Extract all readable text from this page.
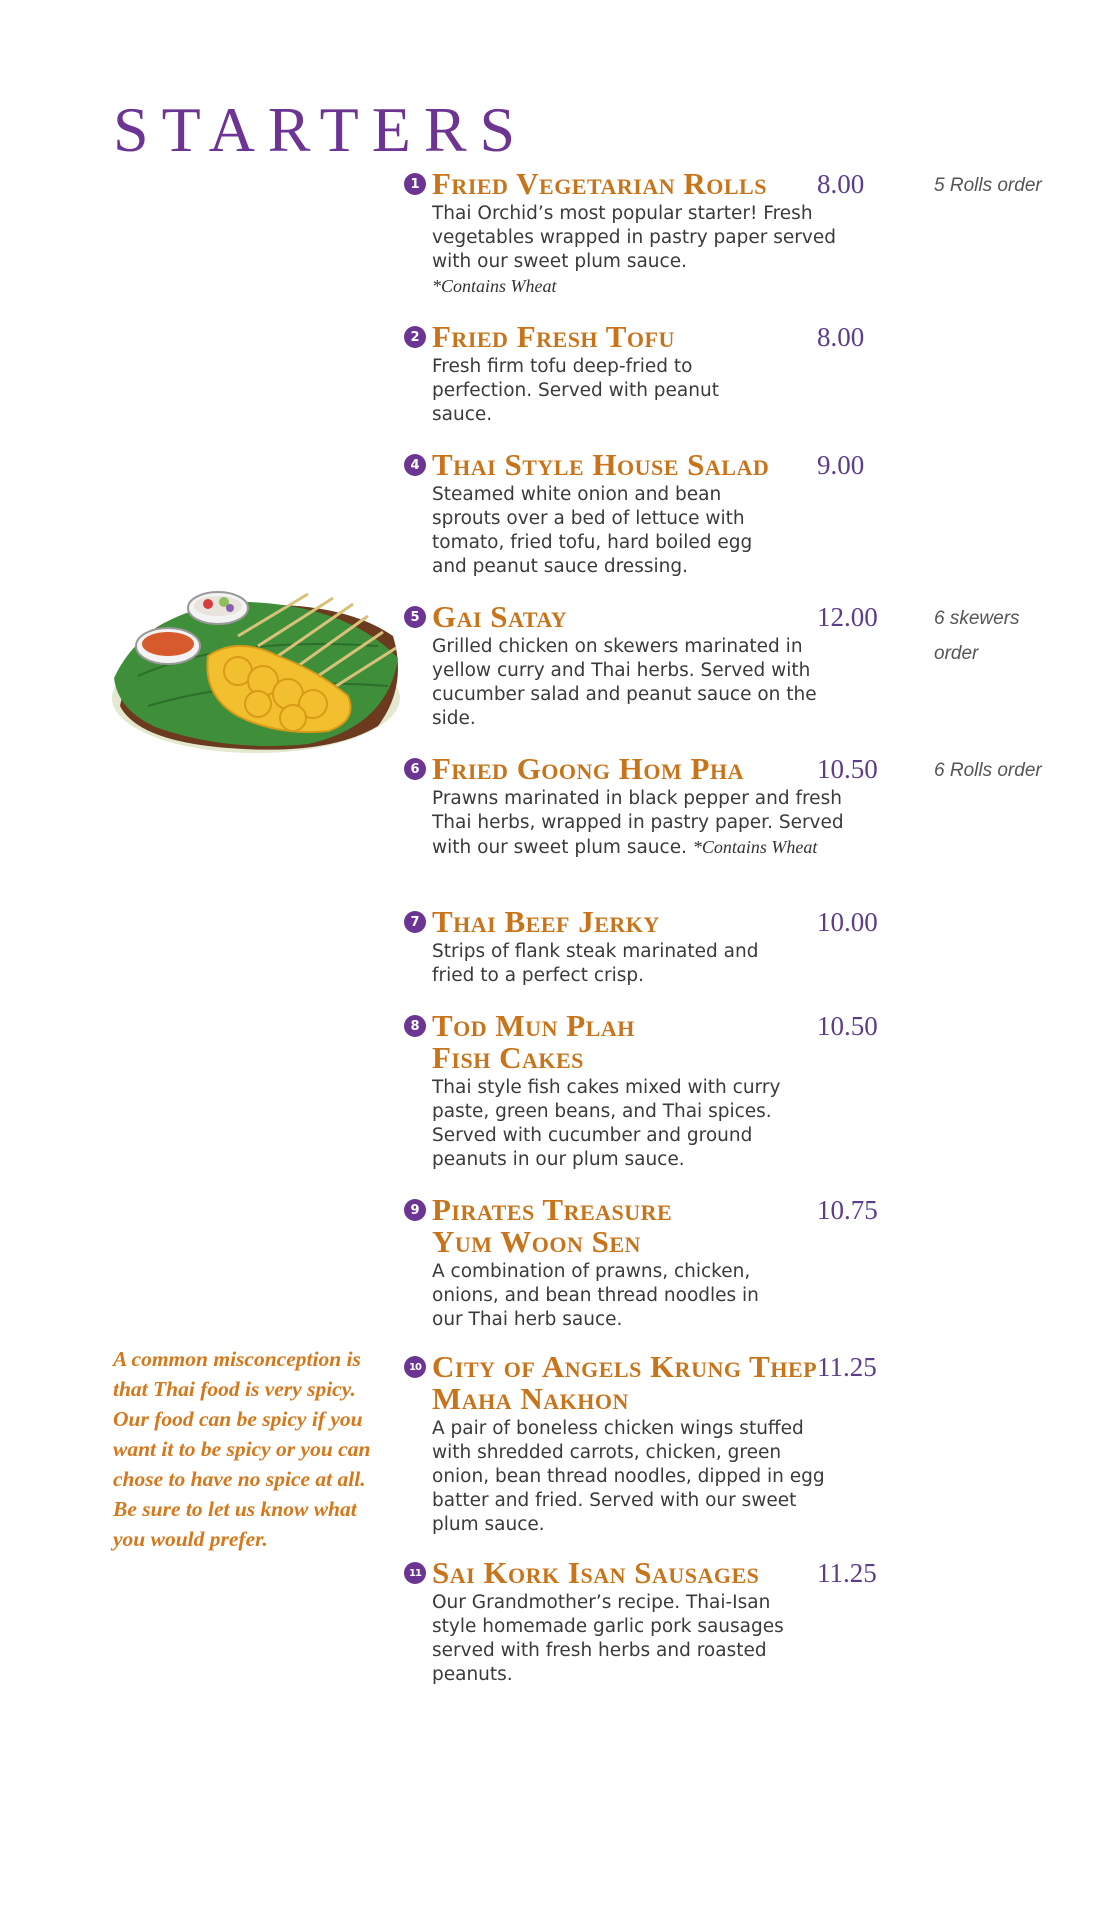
STARTERS
1 Fried Vegetarian Rolls	8.00	5 Rolls order
Thai Orchid’s most popular starter! Fresh vegetables wrapped in pastry paper served with our sweet plum sauce.
*Contains Wheat
2 Fried Fresh Tofu	8.00
Fresh firm tofu deep-fried to perfection. Served with peanut sauce.
4 Thai Style House Salad	9.00
Steamed white onion and bean sprouts over a bed of lettuce with tomato, fried tofu, hard boiled egg and peanut sauce dressing.
5 Gai Satay	12.00	6 skewers order
Grilled chicken on skewers marinated in yellow curry and Thai herbs. Served with cucumber salad and peanut sauce on the side.
6 Fried Goong Hom Pha	10.50	6 Rolls order
Prawns marinated in black pepper and fresh Thai herbs, wrapped in pastry paper. Served with our sweet plum sauce. *Contains Wheat
7 Thai Beef Jerky	10.00
Strips of flank steak marinated and fried to a perfect crisp.
8 Tod Mun Plah Fish Cakes
10.50
Thai style fish cakes mixed with curry paste, green beans, and Thai spices. Served with cucumber and ground peanuts in our plum sauce.
9 Pirates Treasure Yum Woon Sen
10.75
A combination of prawns, chicken, onions, and bean thread noodles in our Thai herb sauce.
10 City of Angels Krung Thep Maha Nakhon
11.25
A pair of boneless chicken wings stuffed with shredded carrots, chicken, green onion, bean thread noodles, dipped in egg batter and fried. Served with our sweet plum sauce.
11 Sai Kork Isan Sausages	11.25
Our Grandmother’s recipe. Thai-Isan style homemade garlic pork sausages served with fresh herbs and roasted peanuts.
A common misconception is that Thai food is very spicy. Our food can be spicy if you want it to be spicy or you can chose to have no spice at all. Be sure to let us know what you would prefer.
